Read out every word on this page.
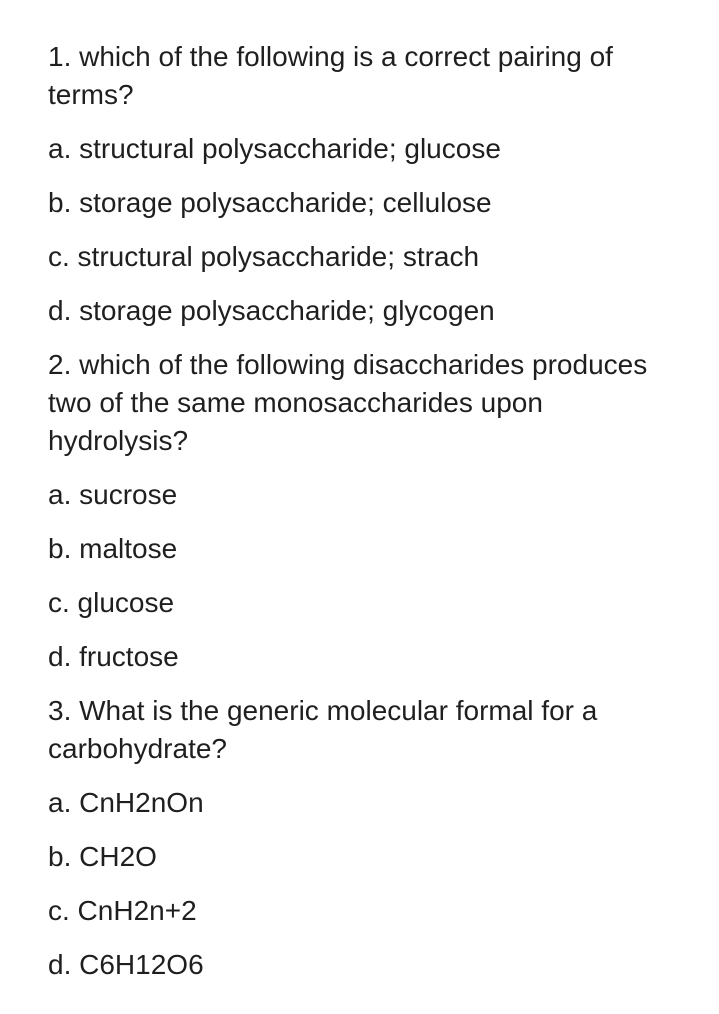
1. which of the following is a correct pairing of terms?

a. structural polysaccharide; glucose

b. storage polysaccharide; cellulose

c. structural polysaccharide; strach

d. storage polysaccharide; glycogen

2. which of the following disaccharides produces two of the same monosaccharides upon hydrolysis?

a. sucrose

b. maltose

c. glucose

d. fructose

3. What is the generic molecular formal for a carbohydrate?

a. CnH2nOn

b. CH2O

c. CnH2n+2

d. C6H12O6
